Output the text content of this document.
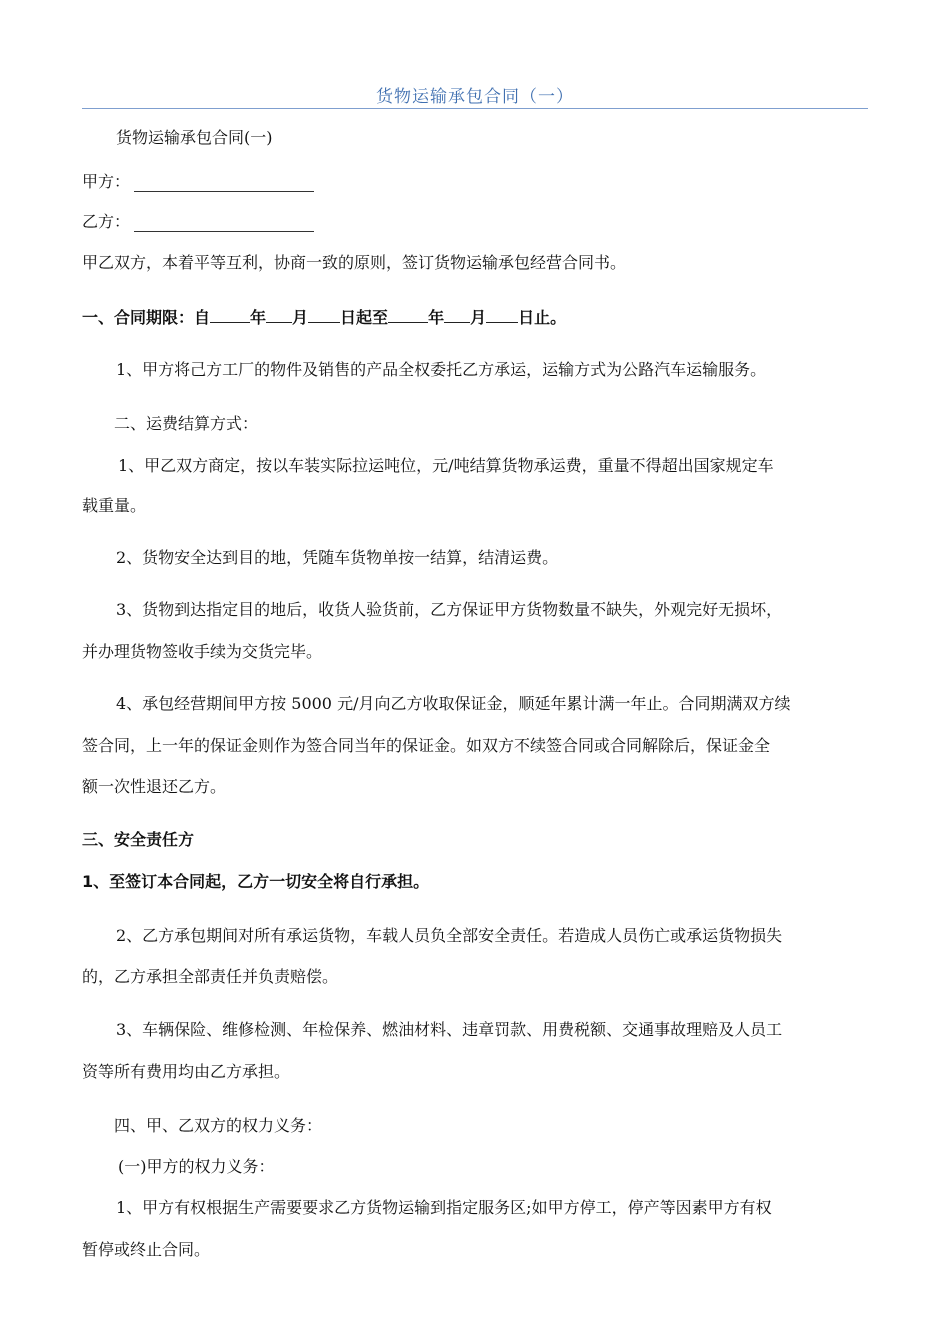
货物运输承包合同（一）
货物运输承包合同(一)
甲方：
乙方：
甲乙双方，本着平等互利，协商一致的原则，签订货物运输承包经营合同书。
一、合同期限：自	年 月 日起至	年 月 日止。
1、甲方将己方工厂的物件及销售的产品全权委托乙方承运，运输方式为公路汽车运输服务。
二、运费结算方式：
1、甲乙双方商定，按以车装实际拉运吨位，元/吨结算货物承运费，重量不得超出国家规定车
载重量。
2、货物安全达到目的地，凭随车货物单按一结算，结清运费。
3、货物到达指定目的地后，收货人验货前，乙方保证甲方货物数量不缺失，外观完好无损坏，
并办理货物签收手续为交货完毕。
4、承包经营期间甲方按 5000 元/月向乙方收取保证金，顺延年累计满一年止。合同期满双方续
签合同，上一年的保证金则作为签合同当年的保证金。如双方不续签合同或合同解除后，保证金全
额一次性退还乙方。
三、安全责任方
1、至签订本合同起，乙方一切安全将自行承担。
2、乙方承包期间对所有承运货物，车载人员负全部安全责任。若造成人员伤亡或承运货物损失
的，乙方承担全部责任并负责赔偿。
3、车辆保险、维修检测、年检保养、燃油材料、违章罚款、用费税额、交通事故理赔及人员工
资等所有费用均由乙方承担。
四、甲、乙双方的权力义务：
(一)甲方的权力义务：
1、甲方有权根据生产需要要求乙方货物运输到指定服务区;如甲方停工，停产等因素甲方有权
暂停或终止合同。
